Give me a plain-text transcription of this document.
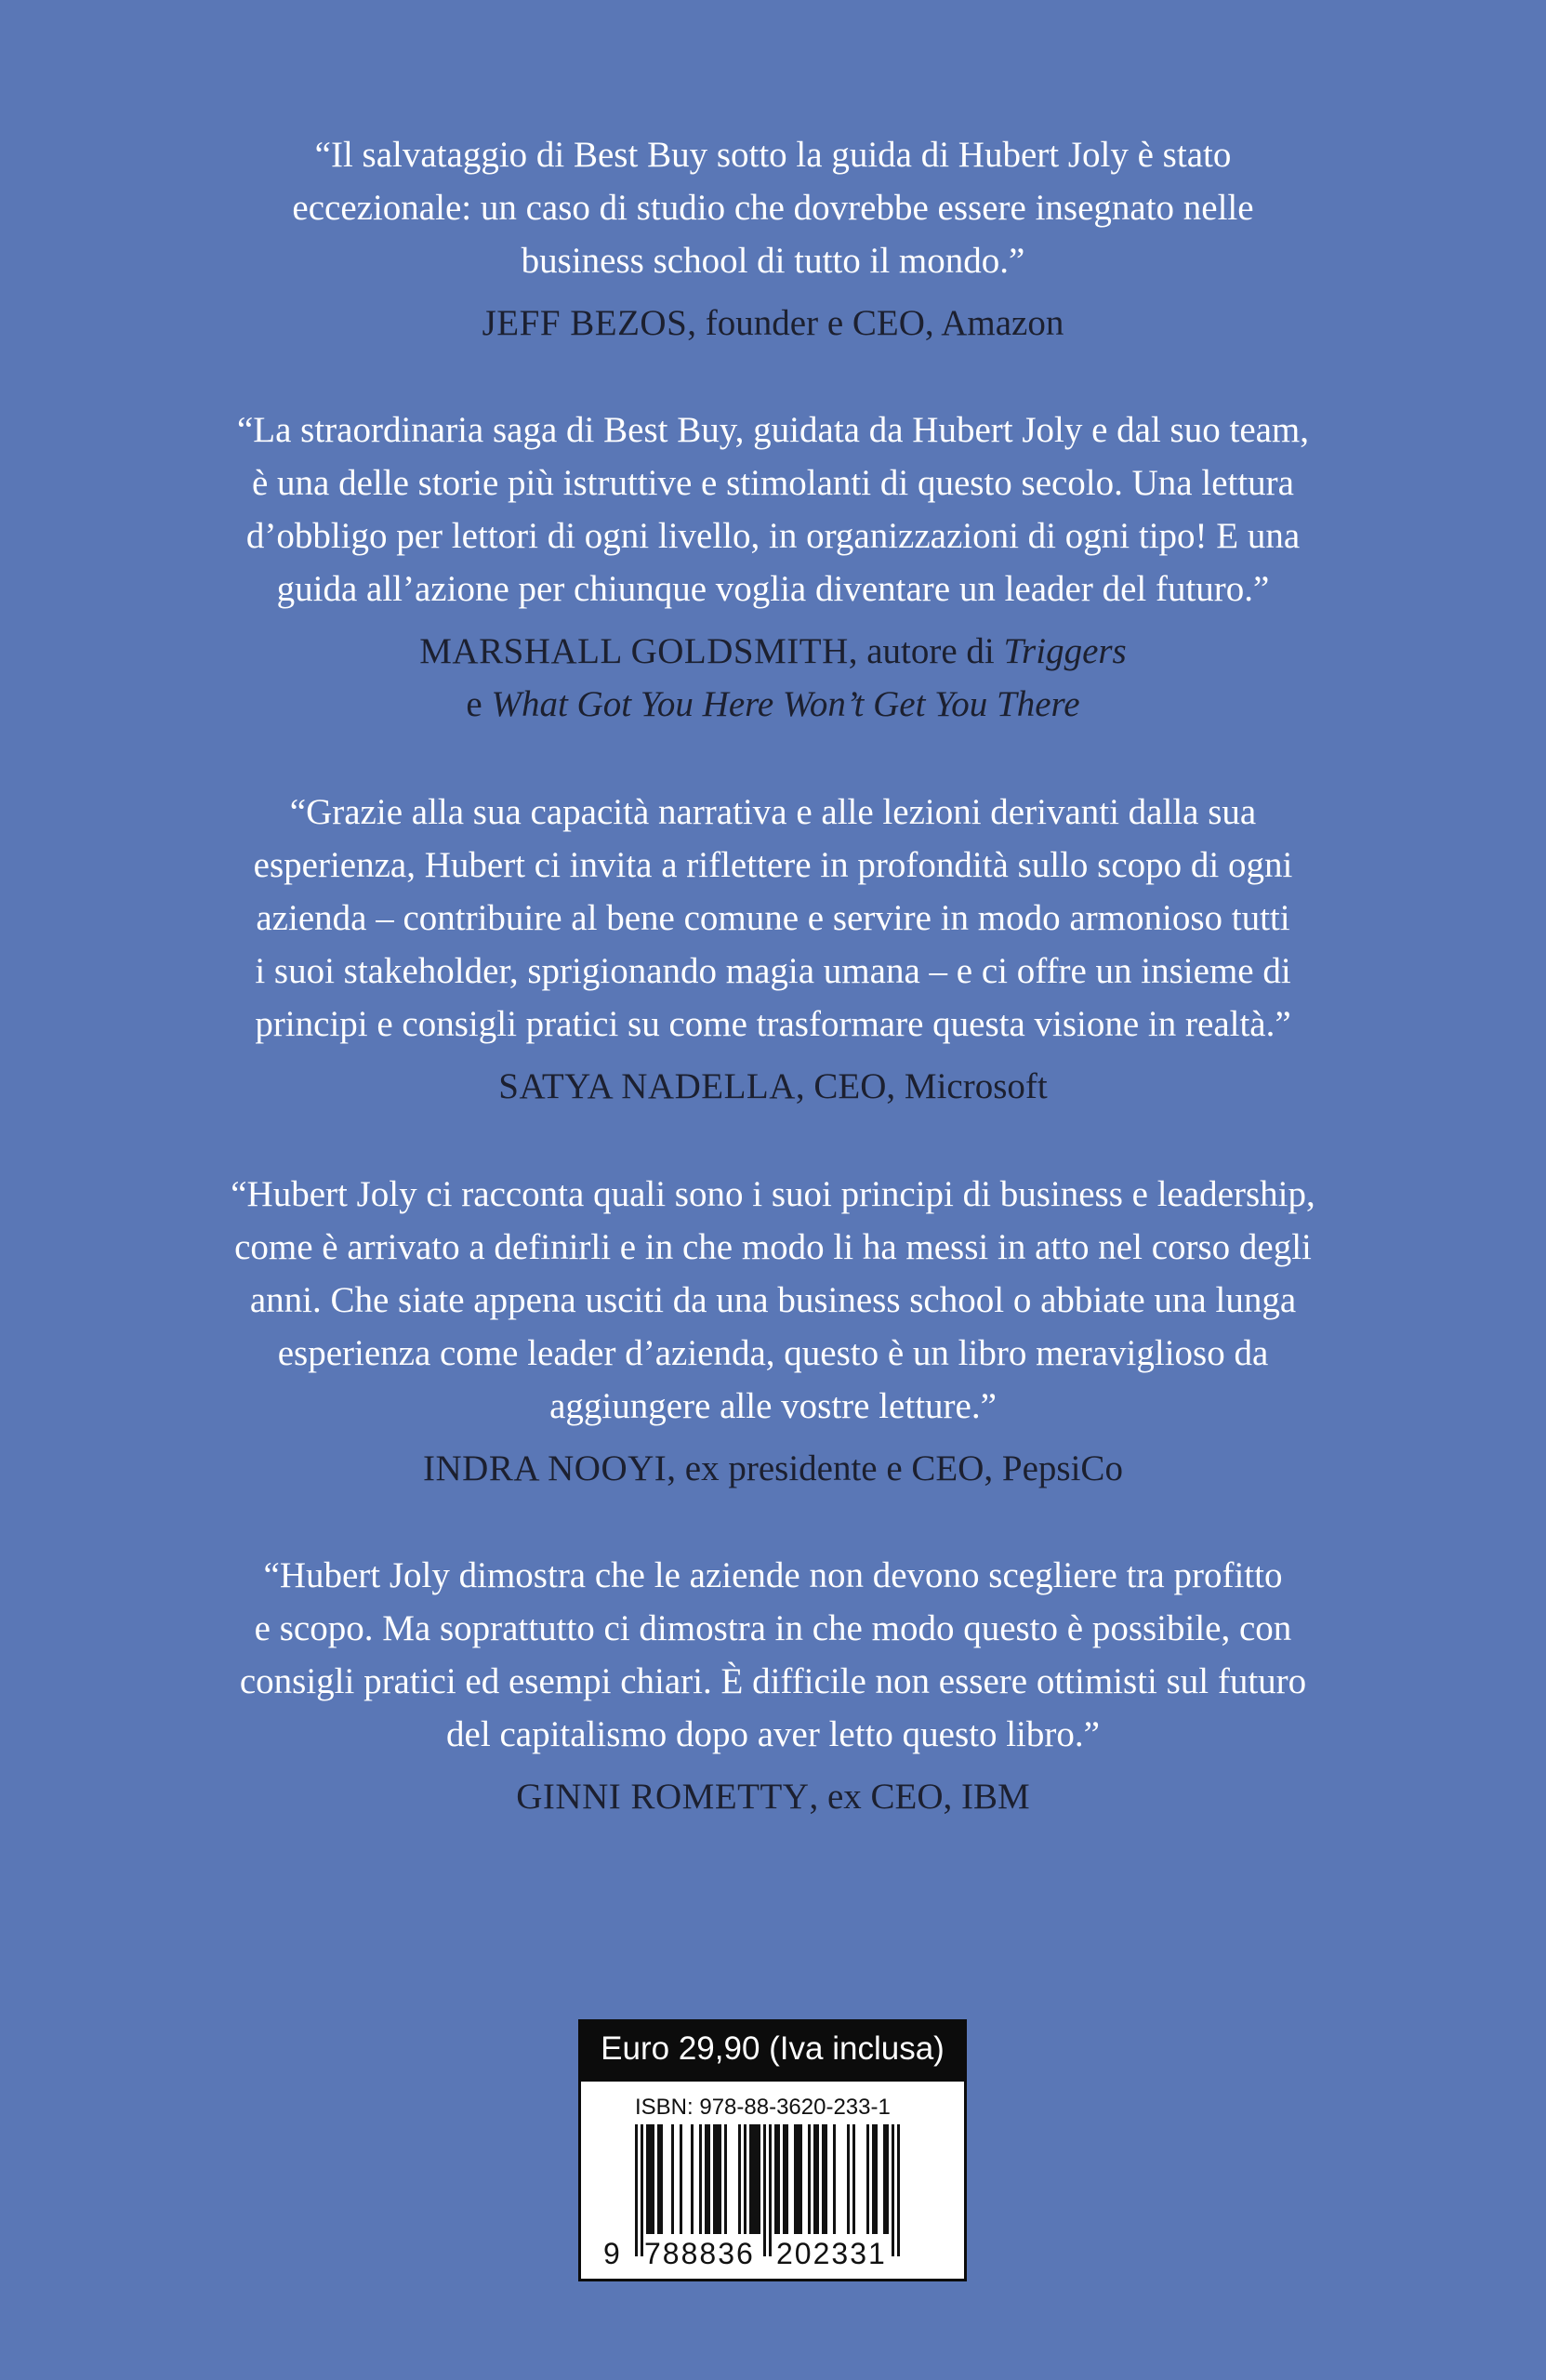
“Il salvataggio di Best Buy sotto la guida di Hubert Joly è stato
eccezionale: un caso di studio che dovrebbe essere insegnato nelle
business school di tutto il mondo.”

JEFF BEZOS, founder e CEO, Amazon

“La straordinaria saga di Best Buy, guidata da Hubert Joly e dal suo team,
è una delle storie più istruttive e stimolanti di questo secolo. Una lettura
d’obbligo per lettori di ogni livello, in organizzazioni di ogni tipo! E una
guida all’azione per chiunque voglia diventare un leader del futuro.”

MARSHALL GOLDSMITH, autore di Triggers
e What Got You Here Won’t Get You There

“Grazie alla sua capacità narrativa e alle lezioni derivanti dalla sua
esperienza, Hubert ci invita a riflettere in profondità sullo scopo di ogni
azienda – contribuire al bene comune e servire in modo armonioso tutti
i suoi stakeholder, sprigionando magia umana – e ci offre un insieme di
principi e consigli pratici su come trasformare questa visione in realtà.”

SATYA NADELLA, CEO, Microsoft

“Hubert Joly ci racconta quali sono i suoi principi di business e leadership,
come è arrivato a definirli e in che modo li ha messi in atto nel corso degli
anni. Che siate appena usciti da una business school o abbiate una lunga
esperienza come leader d’azienda, questo è un libro meraviglioso da
aggiungere alle vostre letture.”

INDRA NOOYI, ex presidente e CEO, PepsiCo

“Hubert Joly dimostra che le aziende non devono scegliere tra profitto
e scopo. Ma soprattutto ci dimostra in che modo questo è possibile, con
consigli pratici ed esempi chiari. È difficile non essere ottimisti sul futuro
del capitalismo dopo aver letto questo libro.”

GINNI ROMETTY, ex CEO, IBM

Euro 29,90 (Iva inclusa)
ISBN: 978-88-3620-233-1
9 788836 202331
